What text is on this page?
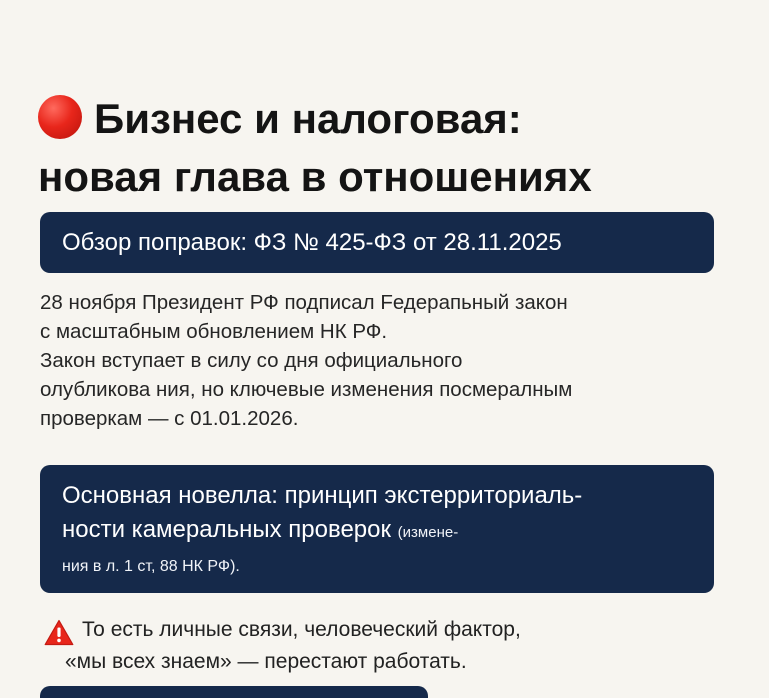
Бизнес и налоговая:
новая глава в отношениях
Обзор поправок: ФЗ № 425-ФЗ от 28.11.2025
28 ноября Президент РФ подписал Fедерапьный закон
с масштабным обновлением НК РФ.
Закон вступает в силу со дня официального
олубликова ния, но ключевые изменения посмералным
проверкам — с 01.01.2026.
Основная новелла: принцип экстерриториаль-
ности камеральных проверок (измене-
ния в л. 1 ст, 88 НК РФ).
То есть личные связи, человеческий фактор,
«мы всех знаем» — перестают работать.
